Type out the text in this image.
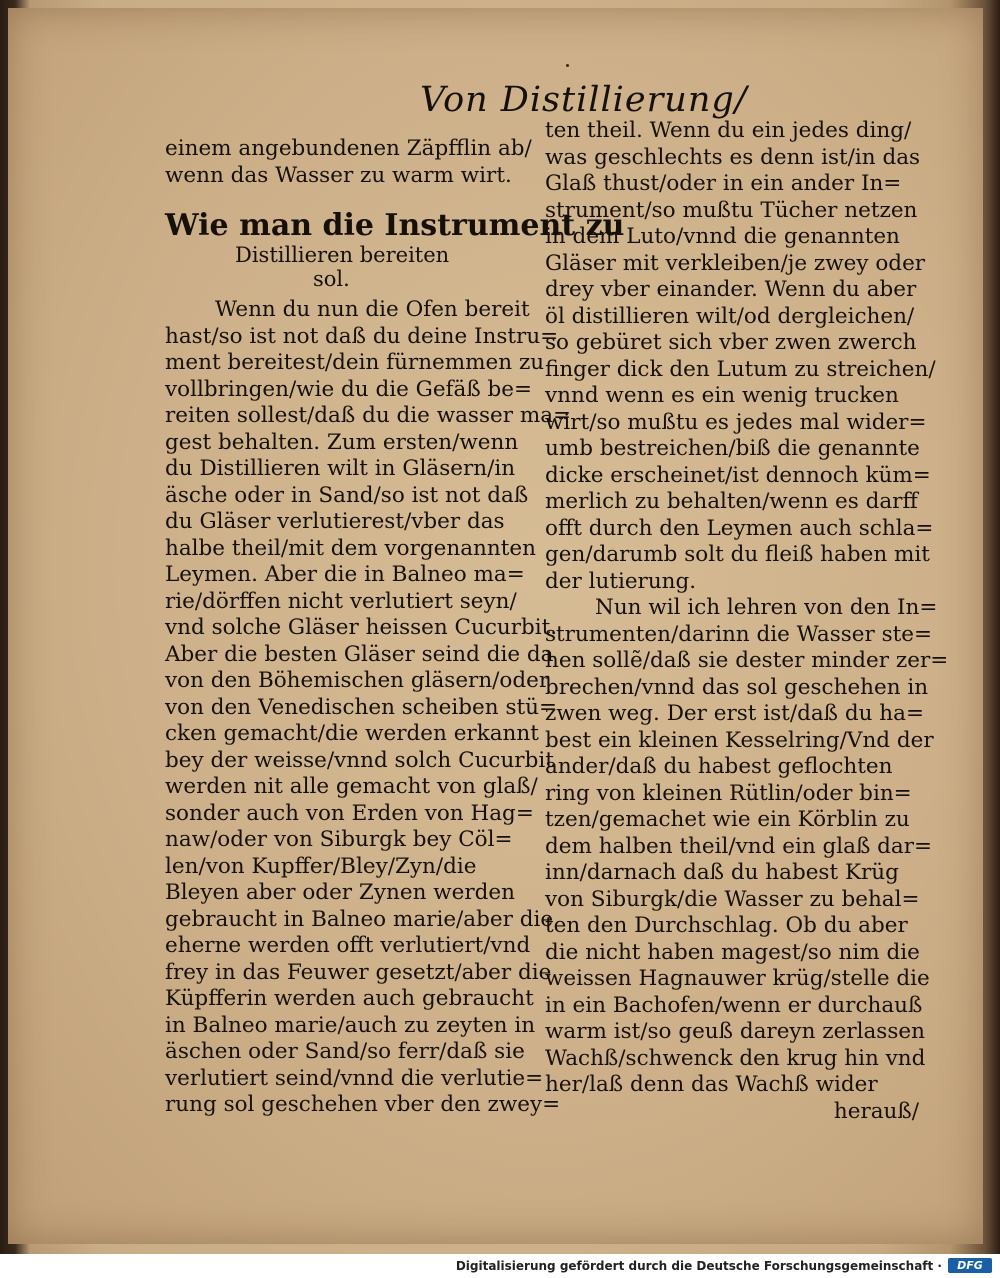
Von Distillierung/
einem angebundenen Zäpfflin ab/
wenn das Wasser zu warm wirt.
Wie man die Instrument zu
Distillieren bereiten
sol.
Wenn du nun die Ofen bereit
hast/so ist not daß du deine Instru=
ment bereitest/dein fürnemmen zu
vollbringen/wie du die Gefäß be=
reiten sollest/daß du die wasser ma=
gest behalten. Zum ersten/wenn
du Distillieren wilt in Gläsern/in
äsche oder in Sand/so ist not daß
du Gläser verlutierest/vber das
halbe theil/mit dem vorgenannten
Leymen. Aber die in Balneo ma=
rie/dörffen nicht verlutiert seyn/
vnd solche Gläser heissen Cucurbit.
Aber die besten Gläser seind die da
von den Böhemischen gläsern/oder
von den Venedischen scheiben stü=
cken gemacht/die werden erkannt
bey der weisse/vnnd solch Cucurbit
werden nit alle gemacht von glaß/
sonder auch von Erden von Hag=
naw/oder von Siburgk bey Cöl=
len/von Kupffer/Bley/Zyn/die
Bleyen aber oder Zynen werden
gebraucht in Balneo marie/aber die
eherne werden offt verlutiert/vnd
frey in das Feuwer gesetzt/aber die
Küpfferin werden auch gebraucht
in Balneo marie/auch zu zeyten in
äschen oder Sand/so ferr/daß sie
verlutiert seind/vnnd die verlutie=
rung sol geschehen vber den zwey=
ten theil. Wenn du ein jedes ding/
was geschlechts es denn ist/in das
Glaß thust/oder in ein ander In=
strument/so mußtu Tücher netzen
in dem Luto/vnnd die genannten
Gläser mit verkleiben/je zwey oder
drey vber einander. Wenn du aber
öl distillieren wilt/od dergleichen/
so gebüret sich vber zwen zwerch
finger dick den Lutum zu streichen/
vnnd wenn es ein wenig trucken
wirt/so mußtu es jedes mal wider=
umb bestreichen/biß die genannte
dicke erscheinet/ist dennoch küm=
merlich zu behalten/wenn es darff
offt durch den Leymen auch schla=
gen/darumb solt du fleiß haben mit
der lutierung.
Nun wil ich lehren von den In=
strumenten/darinn die Wasser ste=
hen sollẽ/daß sie dester minder zer=
brechen/vnnd das sol geschehen in
zwen weg. Der erst ist/daß du ha=
best ein kleinen Kesselring/Vnd der
ander/daß du habest geflochten
ring von kleinen Rütlin/oder bin=
tzen/gemachet wie ein Körblin zu
dem halben theil/vnd ein glaß dar=
inn/darnach daß du habest Krüg
von Siburgk/die Wasser zu behal=
ten den Durchschlag. Ob du aber
die nicht haben magest/so nim die
weissen Hagnauwer krüg/stelle die
in ein Bachofen/wenn er durchauß
warm ist/so geuß dareyn zerlassen
Wachß/schwenck den krug hin vnd
her/laß denn das Wachß wider
herauß/
Digitalisierung gefördert durch die Deutsche Forschungsgemeinschaft ·	DFG
